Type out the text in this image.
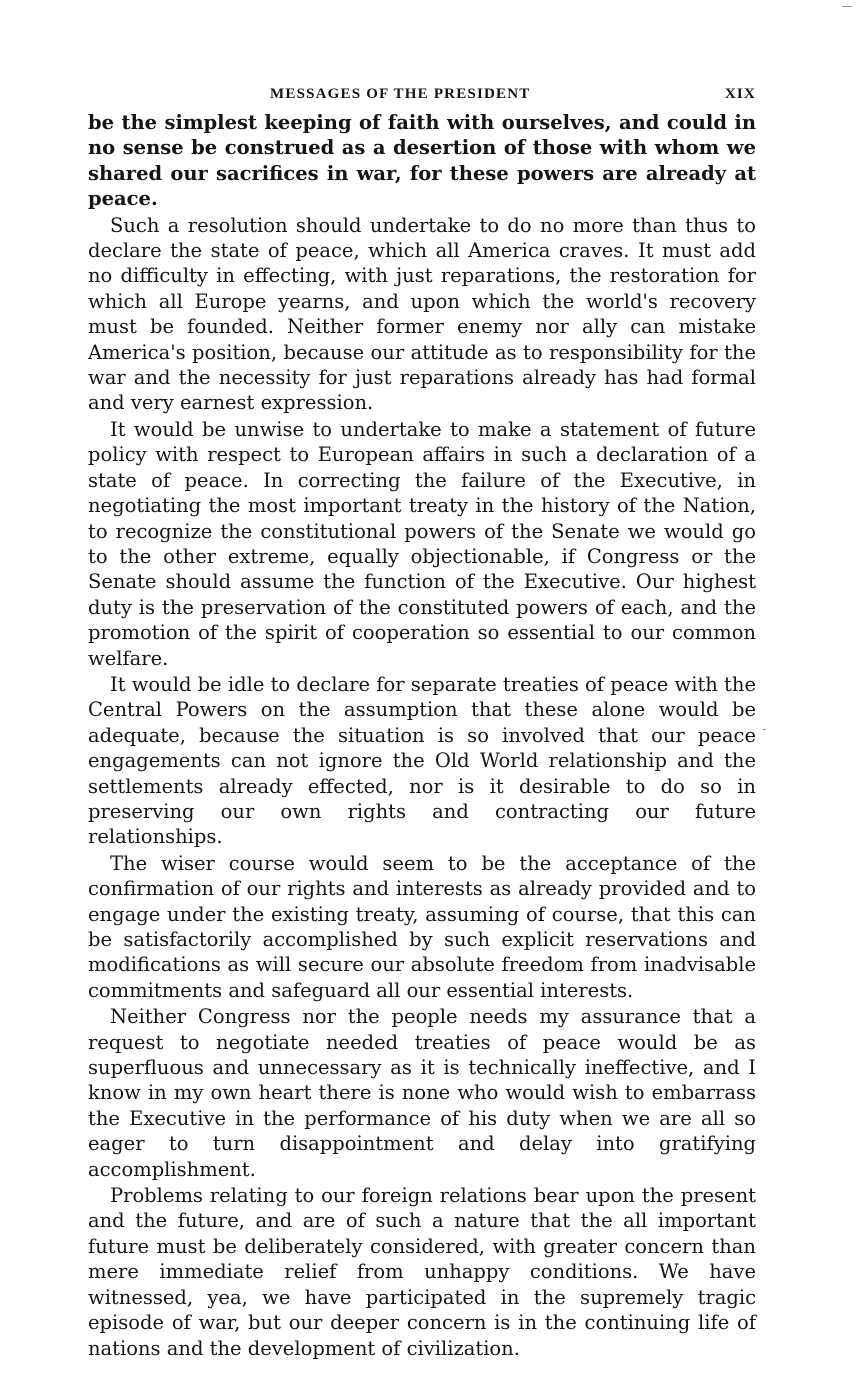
MESSAGES OF THE PRESIDENT	XIX

be the simplest keeping of faith with ourselves, and could in no sense be construed as a desertion of those with whom we shared our sacrifices in war, for these powers are already at peace.

Such a resolution should undertake to do no more than thus to declare the state of peace, which all America craves. It must add no difficulty in effecting, with just reparations, the restoration for which all Europe yearns, and upon which the world's recovery must be founded. Neither former enemy nor ally can mistake America's position, because our attitude as to responsibility for the war and the necessity for just reparations already has had formal and very earnest expression.

It would be unwise to undertake to make a statement of future policy with respect to European affairs in such a declaration of a state of peace. In correcting the failure of the Executive, in negotiating the most important treaty in the history of the Nation, to recognize the constitutional powers of the Senate we would go to the other extreme, equally objectionable, if Congress or the Senate should assume the function of the Executive. Our highest duty is the preservation of the constituted powers of each, and the promotion of the spirit of cooperation so essential to our common welfare.

It would be idle to declare for separate treaties of peace with the Central Powers on the assumption that these alone would be adequate, because the situation is so involved that our peace engagements can not ignore the Old World relationship and the settlements already effected, nor is it desirable to do so in preserving our own rights and contracting our future relationships.

The wiser course would seem to be the acceptance of the confirmation of our rights and interests as already provided and to engage under the existing treaty, assuming of course, that this can be satisfactorily accomplished by such explicit reservations and modifications as will secure our absolute freedom from inadvisable commitments and safeguard all our essential interests.

Neither Congress nor the people needs my assurance that a request to negotiate needed treaties of peace would be as superfluous and unnecessary as it is technically ineffective, and I know in my own heart there is none who would wish to embarrass the Executive in the performance of his duty when we are all so eager to turn disappointment and delay into gratifying accomplishment.

Problems relating to our foreign relations bear upon the present and the future, and are of such a nature that the all important future must be deliberately considered, with greater concern than mere immediate relief from unhappy conditions. We have witnessed, yea, we have participated in the supremely tragic episode of war, but our deeper concern is in the continuing life of nations and the development of civilization.
